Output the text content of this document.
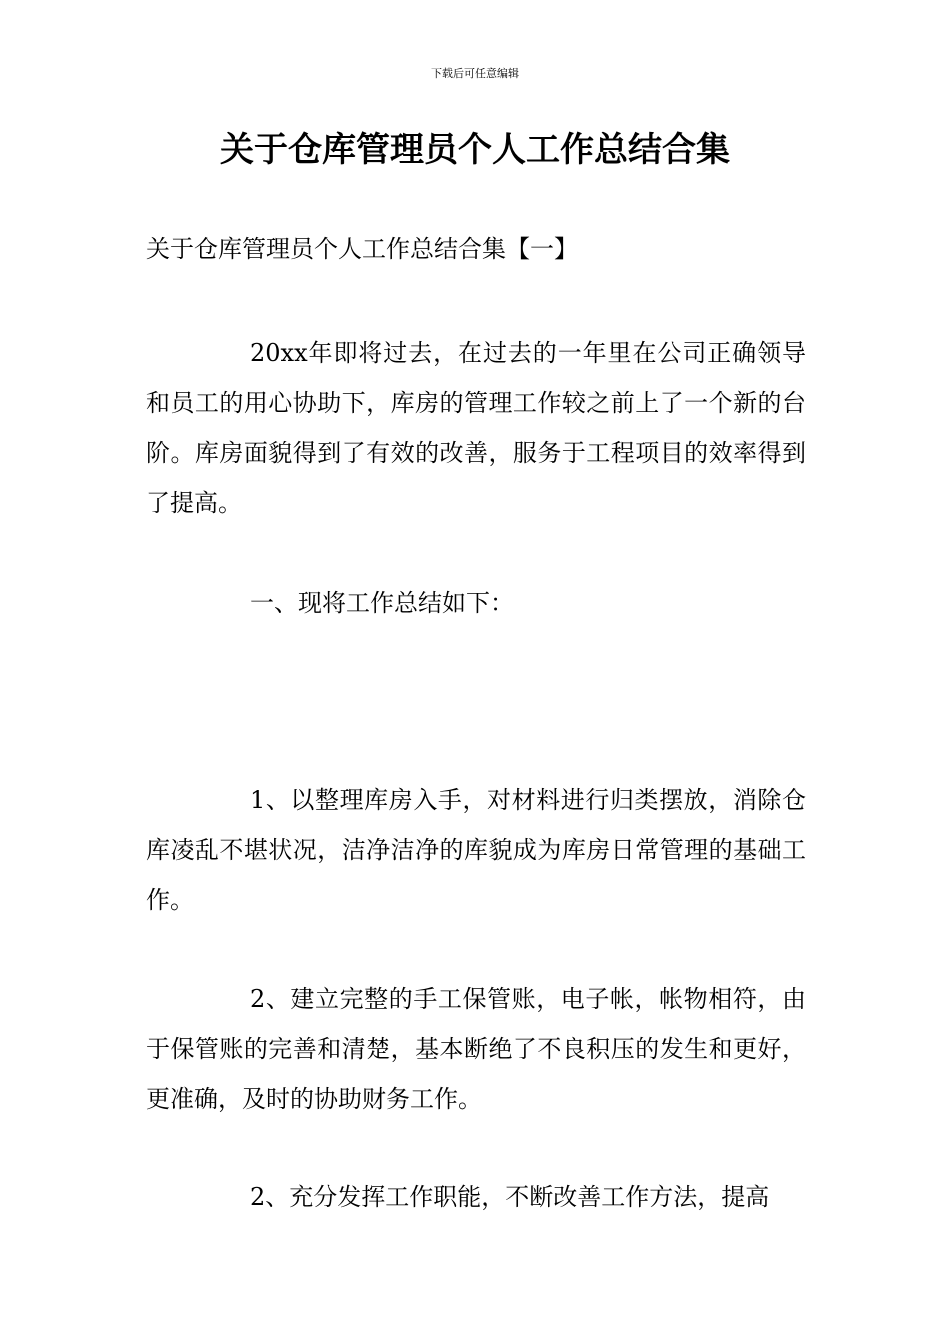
下载后可任意编辑
关于仓库管理员个人工作总结合集
关于仓库管理员个人工作总结合集【一】

20xx年即将过去，在过去的一年里在公司正确领导和员工的用心协助下，库房的管理工作较之前上了一个新的台阶。库房面貌得到了有效的改善，服务于工程项目的效率得到了提高。

一、现将工作总结如下：

1、以整理库房入手，对材料进行归类摆放，消除仓库凌乱不堪状况，洁净洁净的库貌成为库房日常管理的基础工作。

2、建立完整的手工保管账，电子帐，帐物相符，由于保管账的完善和清楚，基本断绝了不良积压的发生和更好，更准确，及时的协助财务工作。

2、充分发挥工作职能，不断改善工作方法，提高
